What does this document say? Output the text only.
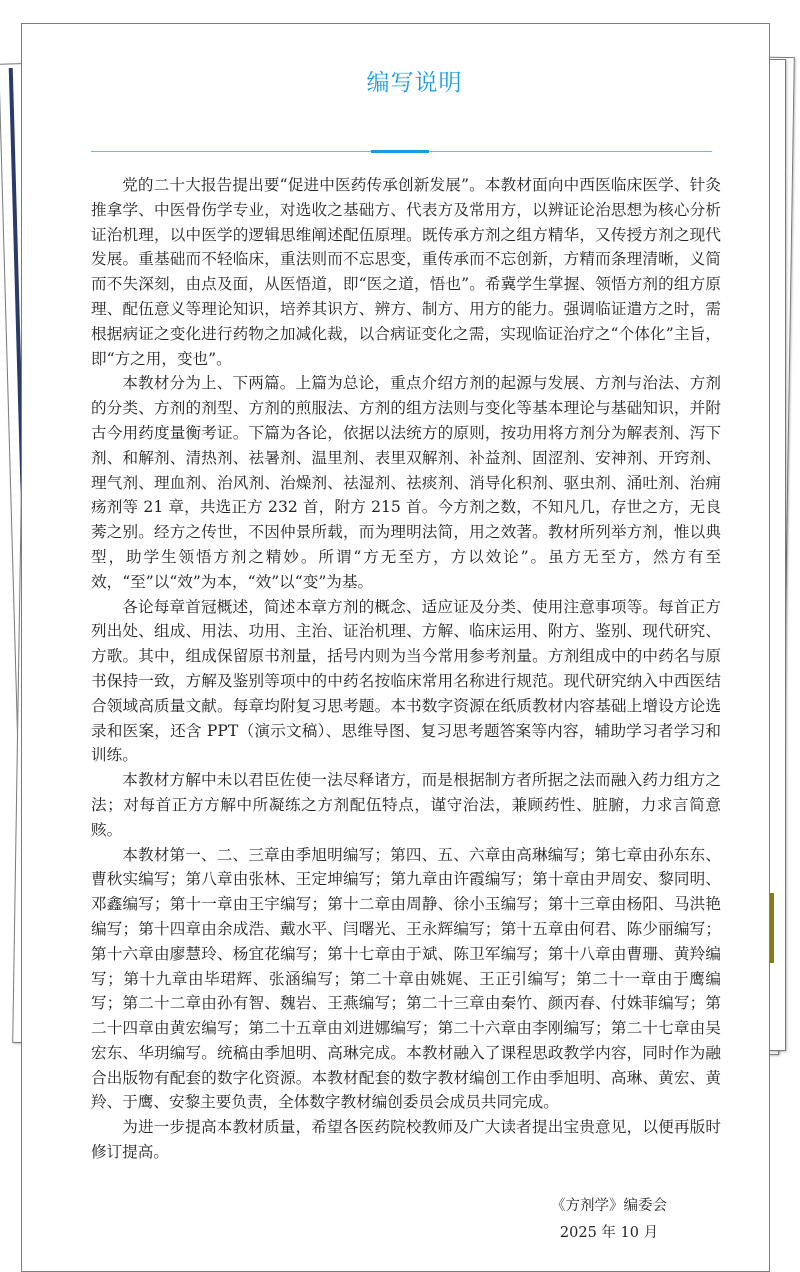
编写说明

党的二十大报告提出要“促进中医药传承创新发展”。本教材面向中西医临床医学、针灸推拿学、中医骨伤学专业，对选收之基础方、代表方及常用方，以辨证论治思想为核心分析证治机理，以中医学的逻辑思维阐述配伍原理。既传承方剂之组方精华，又传授方剂之现代发展。重基础而不轻临床，重法则而不忘思变，重传承而不忘创新，方精而条理清晰，义简而不失深刻，由点及面，从医悟道，即“医之道，悟也”。希冀学生掌握、领悟方剂的组方原理、配伍意义等理论知识，培养其识方、辨方、制方、用方的能力。强调临证遣方之时，需根据病证之变化进行药物之加减化裁，以合病证变化之需，实现临证治疗之“个体化”主旨，即“方之用，变也”。

本教材分为上、下两篇。上篇为总论，重点介绍方剂的起源与发展、方剂与治法、方剂的分类、方剂的剂型、方剂的煎服法、方剂的组方法则与变化等基本理论与基础知识，并附古今用药度量衡考证。下篇为各论，依据以法统方的原则，按功用将方剂分为解表剂、泻下剂、和解剂、清热剂、祛暑剂、温里剂、表里双解剂、补益剂、固涩剂、安神剂、开窍剂、理气剂、理血剂、治风剂、治燥剂、祛湿剂、祛痰剂、消导化积剂、驱虫剂、涌吐剂、治痈疡剂等 21 章，共选正方 232 首，附方 215 首。今方剂之数，不知凡几，存世之方，无良莠之别。经方之传世，不因仲景所载，而为理明法简，用之效著。教材所列举方剂，惟以典型，助学生领悟方剂之精妙。所谓“方无至方，方以效论”。虽方无至方，然方有至效，“至”以“效”为本，“效”以“变”为基。

各论每章首冠概述，简述本章方剂的概念、适应证及分类、使用注意事项等。每首正方列出处、组成、用法、功用、主治、证治机理、方解、临床运用、附方、鉴别、现代研究、方歌。其中，组成保留原书剂量，括号内则为当今常用参考剂量。方剂组成中的中药名与原书保持一致，方解及鉴别等项中的中药名按临床常用名称进行规范。现代研究纳入中西医结合领域高质量文献。每章均附复习思考题。本书数字资源在纸质教材内容基础上增设方论选录和医案，还含 PPT（演示文稿）、思维导图、复习思考题答案等内容，辅助学习者学习和训练。

本教材方解中未以君臣佐使一法尽释诸方，而是根据制方者所据之法而融入药力组方之法；对每首正方方解中所凝练之方剂配伍特点，谨守治法，兼顾药性、脏腑，力求言简意赅。

本教材第一、二、三章由季旭明编写；第四、五、六章由高琳编写；第七章由孙东东、曹秋实编写；第八章由张林、王定坤编写；第九章由许霞编写；第十章由尹周安、黎同明、邓鑫编写；第十一章由王宇编写；第十二章由周静、徐小玉编写；第十三章由杨阳、马洪艳编写；第十四章由余成浩、戴水平、闫曙光、王永辉编写；第十五章由何君、陈少丽编写；第十六章由廖慧玲、杨宜花编写；第十七章由于斌、陈卫军编写；第十八章由曹珊、黄羚编写；第十九章由毕珺辉、张涵编写；第二十章由姚娓、王正引编写；第二十一章由于鹰编写；第二十二章由孙有智、魏岩、王燕编写；第二十三章由秦竹、颜丙春、付姝菲编写；第二十四章由黄宏编写；第二十五章由刘进娜编写；第二十六章由李刚编写；第二十七章由吴宏东、华玥编写。统稿由季旭明、高琳完成。本教材融入了课程思政教学内容，同时作为融合出版物有配套的数字化资源。本教材配套的数字教材编创工作由季旭明、高琳、黄宏、黄羚、于鹰、安黎主要负责，全体数字教材编创委员会成员共同完成。

为进一步提高本教材质量，希望各医药院校教师及广大读者提出宝贵意见，以便再版时修订提高。

《方剂学》编委会
2025 年 10 月
